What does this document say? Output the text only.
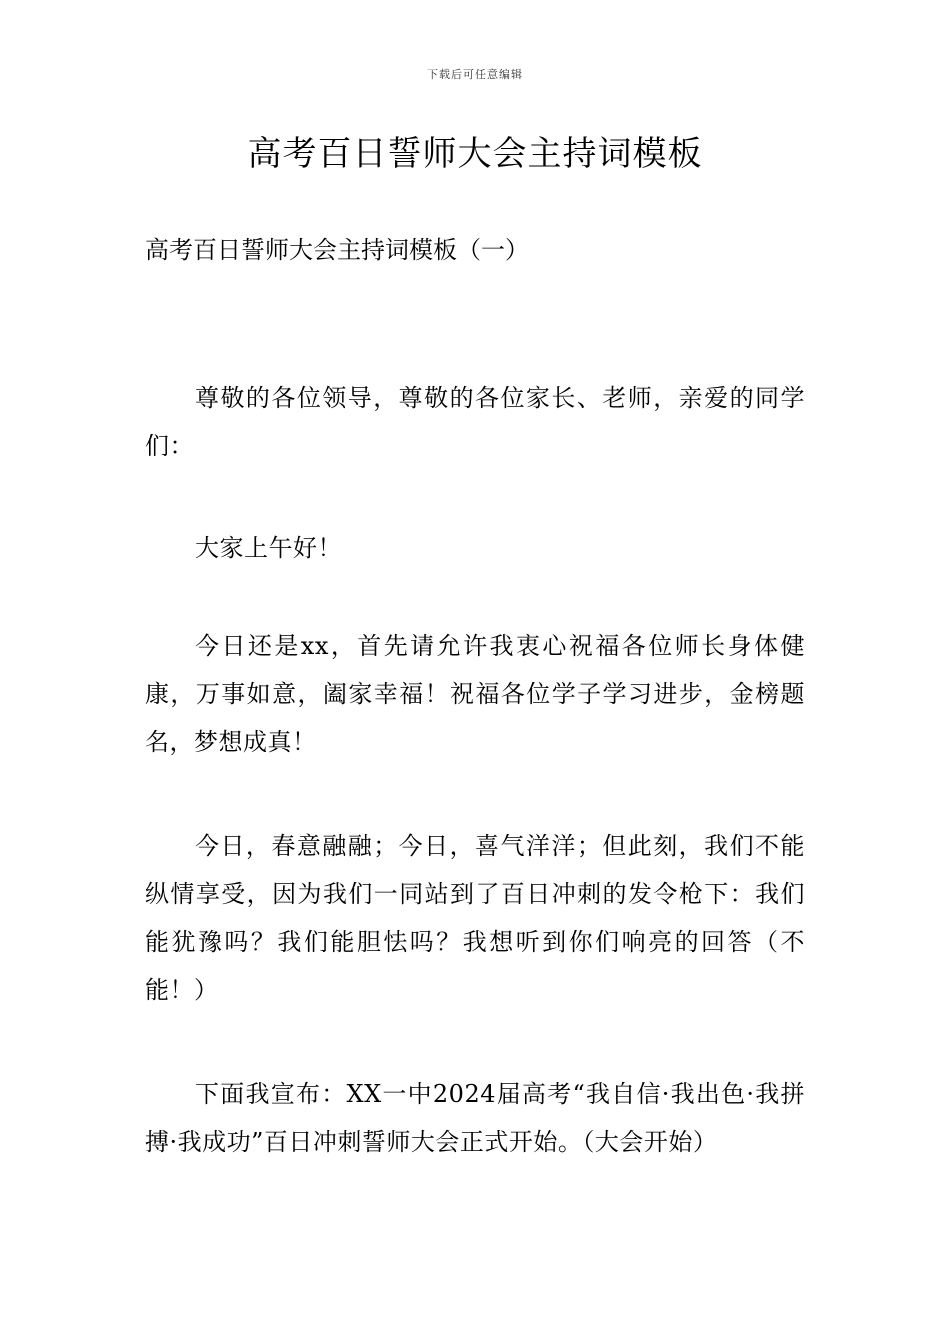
下载后可任意编辑
高考百日誓师大会主持词模板
高考百日誓师大会主持词模板（一）

尊敬的各位领导，尊敬的各位家长、老师，亲爱的同学们：

大家上午好！

今日还是xx，首先请允许我衷心祝福各位师长身体健康，万事如意，阖家幸福！祝福各位学子学习进步，金榜题名，梦想成真！

今日，春意融融；今日，喜气洋洋；但此刻，我们不能纵情享受，因为我们一同站到了百日冲刺的发令枪下：我们能犹豫吗？我们能胆怯吗？我想听到你们响亮的回答（不能！）

下面我宣布：XX一中2024届高考“我自信·我出色·我拼搏·我成功”百日冲刺誓师大会正式开始。（大会开始）
